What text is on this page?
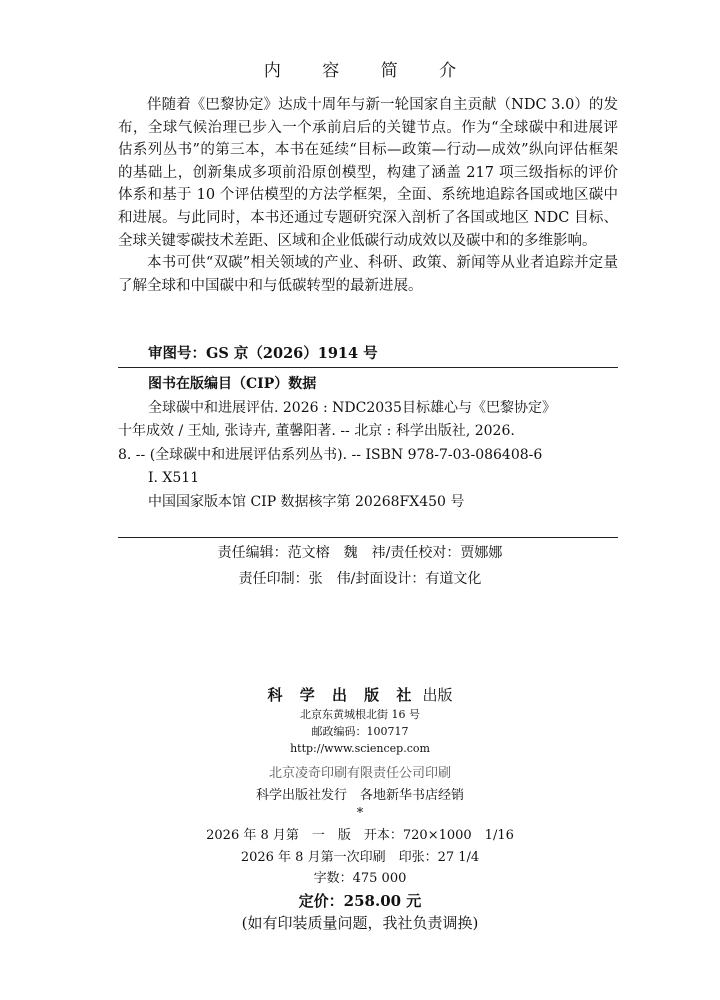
内 容 简 介

伴随着《巴黎协定》达成十周年与新一轮国家自主贡献（NDC 3.0）的发布，全球气候治理已步入一个承前启后的关键节点。作为“全球碳中和进展评估系列丛书”的第三本，本书在延续“目标—政策—行动—成效”纵向评估框架的基础上，创新集成多项前沿原创模型，构建了涵盖 217 项三级指标的评价体系和基于 10 个评估模型的方法学框架，全面、系统地追踪各国或地区碳中和进展。与此同时，本书还通过专题研究深入剖析了各国或地区 NDC 目标、全球关键零碳技术差距、区域和企业低碳行动成效以及碳中和的多维影响。

本书可供“双碳”相关领域的产业、科研、政策、新闻等从业者追踪并定量了解全球和中国碳中和与低碳转型的最新进展。

审图号：GS 京（2026）1914 号
图书在版编目（CIP）数据
全球碳中和进展评估. 2026 : NDC2035目标雄心与《巴黎协定》
十年成效 / 王灿, 张诗卉, 董馨阳著. -- 北京 : 科学出版社, 2026.
8. -- (全球碳中和进展评估系列丛书). -- ISBN 978-7-03-086408-6
Ⅰ. X511
中国国家版本馆 CIP 数据核字第 20268FX450 号
责任编辑：范文榕　魏　祎/责任校对：贾娜娜
责任印制：张　伟/封面设计：有道文化
科 学 出 版 社 出版
北京东黄城根北街 16 号
邮政编码：100717
http://www.sciencep.com
北京凌奇印刷有限责任公司印刷
科学出版社发行　各地新华书店经销
*
2026 年 8 月第　一　版　开本：720×1000　1/16
2026 年 8 月第一次印刷　印张：27 1/4
字数：475 000
定价：258.00 元
(如有印装质量问题，我社负责调换)
